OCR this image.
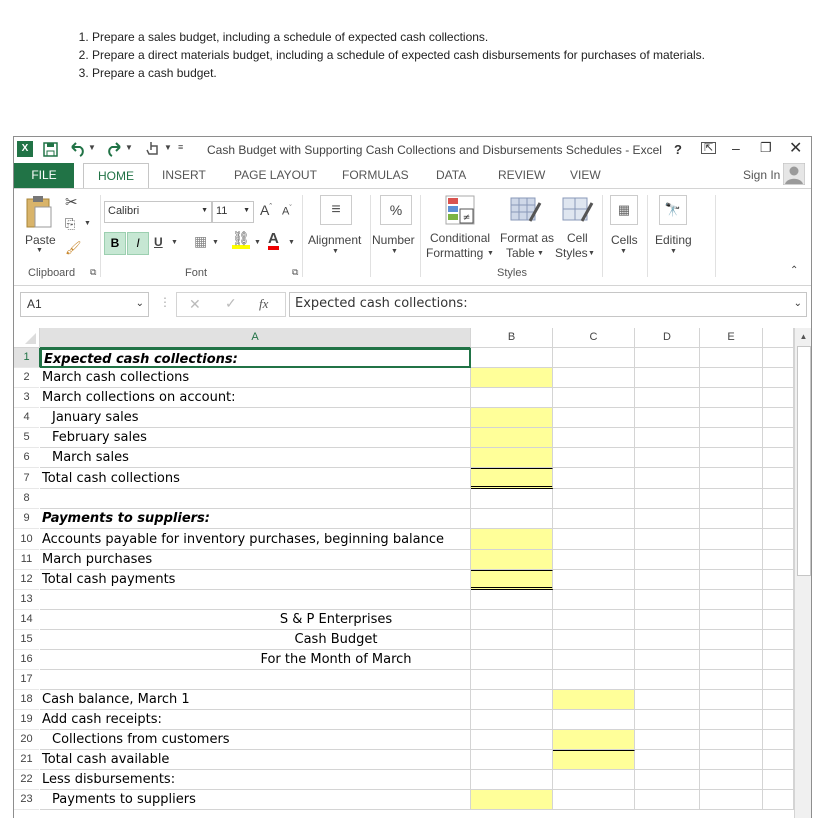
1. Prepare a sales budget, including a schedule of expected cash collections.
2. Prepare a direct materials budget, including a schedule of expected cash disbursements for purchases of materials.
3. Prepare a cash budget.
X	▼	▼	▼ ≡ Cash Budget with Supporting Cash Collections and Disbursements Schedules - Excel ? ⇱ – ❐ ✕
FILE	HOME	INSERT PAGE LAYOUT FORMULAS DATA	REVIEW VIEW	Sign In
Paste
▼
✂
⎘ ▼
🖌
Clipboard ⧉
Calibri	▼ 11 ▼ $A^ˆ$ $A^ˇ$
B	I	U ▼ ▦ ▼ ⛓ ▼ A ▼
Font	⧉
≡
Alignment
▼
%
Number
▼
≠
Conditional
Formatting ▼
Format as
Table ▼
Cell
Styles ▼
Styles
▦
Cells
▼
🔭
Editing
▼
⌃
A1	⌄ ⋮ ✕ ✓ fx Expected cash collections:	⌄
A	B	C	D	E
1	Expected cash collections:
2 March cash collections
3 March collections on account:
4	January sales
5	February sales
6	March sales
7 Total cash collections
8
9 Payments to suppliers:
10 Accounts payable for inventory purchases, beginning balance
11 March purchases
12 Total cash payments
13
14	S & P Enterprises
15	Cash Budget
16	For the Month of March
17
18 Cash balance, March 1
19 Add cash receipts:
20	Collections from customers
21 Total cash available
22 Less disbursements:
23	Payments to suppliers
▲
